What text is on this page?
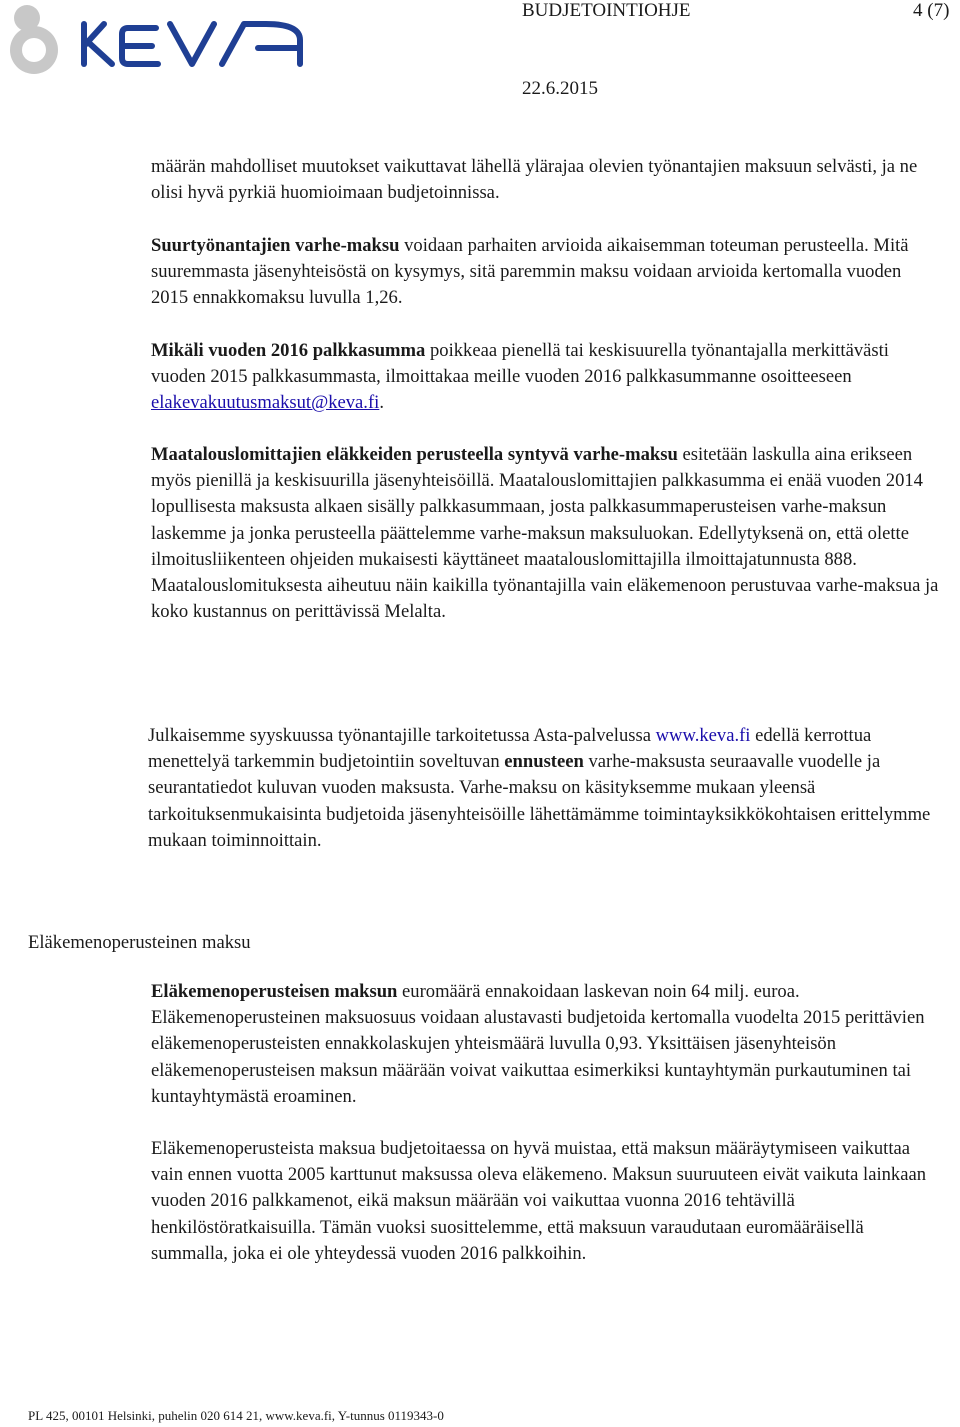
BUDJETOINTIOHJE	4 (7)
22.6.2015

määrän mahdolliset muutokset vaikuttavat lähellä ylärajaa olevien työnantajien maksuun selvästi, ja ne olisi hyvä pyrkiä huomioimaan budjetoinnissa.

Suurtyönantajien varhe-maksu voidaan parhaiten arvioida aikaisemman toteuman perusteella. Mitä suuremmasta jäsenyhteisöstä on kysymys, sitä paremmin maksu voidaan arvioida kertomalla vuoden 2015 ennakkomaksu luvulla 1,26.

Mikäli vuoden 2016 palkkasumma poikkeaa pienellä tai keskisuurella työnantajalla merkittävästi vuoden 2015 palkkasummasta, ilmoittakaa meille vuoden 2016 palkkasummanne osoitteeseen elakevakuutusmaksut@keva.fi.

Maatalouslomittajien eläkkeiden perusteella syntyvä varhe-maksu esitetään laskulla aina erikseen myös pienillä ja keskisuurilla jäsenyhteisöillä. Maatalouslomittajien palkkasumma ei enää vuoden 2014 lopullisesta maksusta alkaen sisälly palkkasummaan, josta palkkasummaperusteisen varhe-maksun laskemme ja jonka perusteella päättelemme varhe-maksun maksuluokan. Edellytyksenä on, että olette ilmoitusliikenteen ohjeiden mukaisesti käyttäneet maatalouslomittajilla ilmoittajatunnusta 888. Maatalouslomituksesta aiheutuu näin kaikilla työnantajilla vain eläkemenoon perustuvaa varhe-maksua ja koko kustannus on perittävissä Melalta.

Julkaisemme syyskuussa työnantajille tarkoitetussa Asta-palvelussa www.keva.fi edellä kerrottua menettelyä tarkemmin budjetointiin soveltuvan ennusteen varhe-maksusta seuraavalle vuodelle ja seurantatiedot kuluvan vuoden maksusta. Varhe-maksu on käsityksemme mukaan yleensä tarkoituksenmukaisinta budjetoida jäsenyhteisöille lähettämämme toimintayksikkökohtaisen erittelymme mukaan toiminnoittain.

Eläkemenoperusteinen maksu

Eläkemenoperusteisen maksun euromäärä ennakoidaan laskevan noin 64 milj. euroa. Eläkemenoperusteinen maksuosuus voidaan alustavasti budjetoida kertomalla vuodelta 2015 perittävien eläkemenoperusteisten ennakkolaskujen yhteismäärä luvulla 0,93. Yksittäisen jäsenyhteisön eläkemenoperusteisen maksun määrään voivat vaikuttaa esimerkiksi kuntayhtymän purkautuminen tai kuntayhtymästä eroaminen.

Eläkemenoperusteista maksua budjetoitaessa on hyvä muistaa, että maksun määräytymiseen vaikuttaa vain ennen vuotta 2005 karttunut maksussa oleva eläkemeno. Maksun suuruuteen eivät vaikuta lainkaan vuoden 2016 palkkamenot, eikä maksun määrään voi vaikuttaa vuonna 2016 tehtävillä henkilöstöratkaisuilla. Tämän vuoksi suosittelemme, että maksuun varaudutaan euromääräisellä summalla, joka ei ole yhteydessä vuoden 2016 palkkoihin.

PL 425, 00101 Helsinki, puhelin 020 614 21, www.keva.fi, Y-tunnus 0119343-0
